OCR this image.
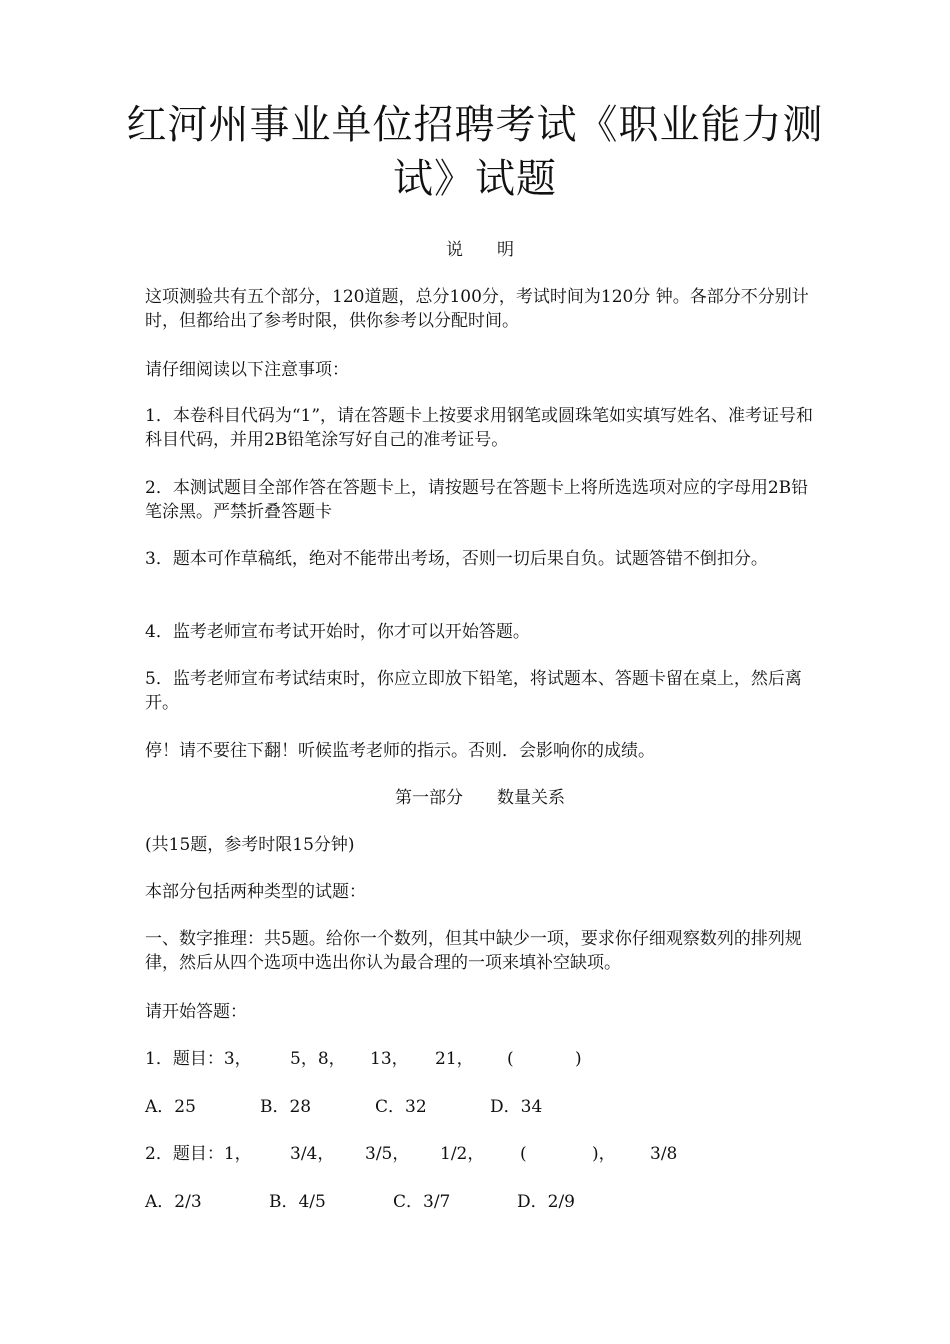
红河州事业单位招聘考试《职业能力测试》试题
说　　明
这项测验共有五个部分，120道题，总分100分，考试时间为120分 钟。各部分不分别计时，但都给出了参考时限，供你参考以分配时间。
请仔细阅读以下注意事项：
1．本卷科目代码为“1”，请在答题卡上按要求用钢笔或圆珠笔如实填写姓名、准考证号和科目代码，并用2B铅笔涂写好自己的准考证号。
2．本测试题目全部作答在答题卡上，请按题号在答题卡上将所选选项对应的字母用2B铅笔涂黑。严禁折叠答题卡
3．题本可作草稿纸，绝对不能带出考场，否则一切后果自负。试题答错不倒扣分。
4．监考老师宣布考试开始时，你才可以开始答题。
5．监考老师宣布考试结束时，你应立即放下铅笔，将试题本、答题卡留在桌上，然后离开。
停！请不要往下翻！听候监考老师的指示。否则．会影响你的成绩。
第一部分　　数量关系
(共15题，参考时限15分钟)
本部分包括两种类型的试题：
一、数字推理：共5题。给你一个数列，但其中缺少一项，要求你仔细观察数列的排列规律，然后从四个选项中选出你认为最合理的一项来填补空缺项。
请开始答题：
1．题目：3，	5，8，	13，	21，	(	)
A．25	B．28	C．32	D．34
2．题目：1，	3/4，	3/5，	1/2，	(	)，	3/8
A．2/3	B．4/5	C．3/7	D．2/9
